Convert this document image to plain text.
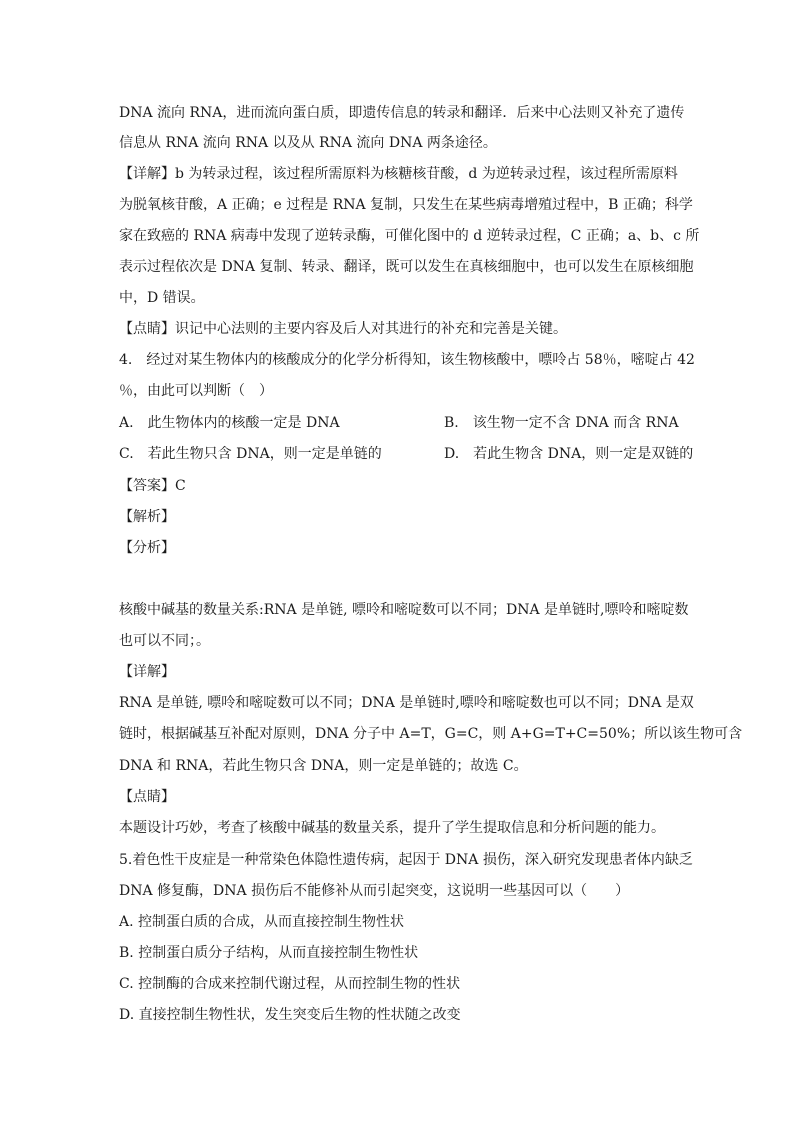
DNA 流向 RNA，进而流向蛋白质，即遗传信息的转录和翻译．后来中心法则又补充了遗传
信息从 RNA 流向 RNA 以及从 RNA 流向 DNA 两条途径。
【详解】b 为转录过程，该过程所需原料为核糖核苷酸，d 为逆转录过程，该过程所需原料
为脱氧核苷酸，A 正确；e 过程是 RNA 复制，只发生在某些病毒增殖过程中，B 正确；科学
家在致癌的 RNA 病毒中发现了逆转录酶，可催化图中的 d 逆转录过程，C 正确；a、b、c 所
表示过程依次是 DNA 复制、转录、翻译，既可以发生在真核细胞中，也可以发生在原核细胞
中，D 错误。
【点睛】识记中心法则的主要内容及后人对其进行的补充和完善是关键。
4.　经过对某生物体内的核酸成分的化学分析得知，该生物核酸中，嘌呤占 58％，嘧啶占 42
％，由此可以判断（　）
A.　此生物体内的核酸一定是 DNA	B.　该生物一定不含 DNA 而含 RNA
C.　若此生物只含 DNA，则一定是单链的	D.　若此生物含 DNA，则一定是双链的
【答案】C
【解析】
【分析】
核酸中碱基的数量关系:RNA 是单链, 嘌呤和嘧啶数可以不同；DNA 是单链时,嘌呤和嘧啶数
也可以不同；。
【详解】
RNA 是单链, 嘌呤和嘧啶数可以不同；DNA 是单链时,嘌呤和嘧啶数也可以不同；DNA 是双
链时，根据碱基互补配对原则，DNA 分子中 A=T，G=C，则 A+G=T+C=50%；所以该生物可含
DNA 和 RNA，若此生物只含 DNA，则一定是单链的；故选 C。
【点睛】
本题设计巧妙，考查了核酸中碱基的数量关系，提升了学生提取信息和分析问题的能力。
5.着色性干皮症是一种常染色体隐性遗传病，起因于 DNA 损伤，深入研究发现患者体内缺乏
DNA 修复酶，DNA 损伤后不能修补从而引起突变，这说明一些基因可以（　　）
A. 控制蛋白质的合成，从而直接控制生物性状
B. 控制蛋白质分子结构，从而直接控制生物性状
C. 控制酶的合成来控制代谢过程，从而控制生物的性状
D. 直接控制生物性状，发生突变后生物的性状随之改变
